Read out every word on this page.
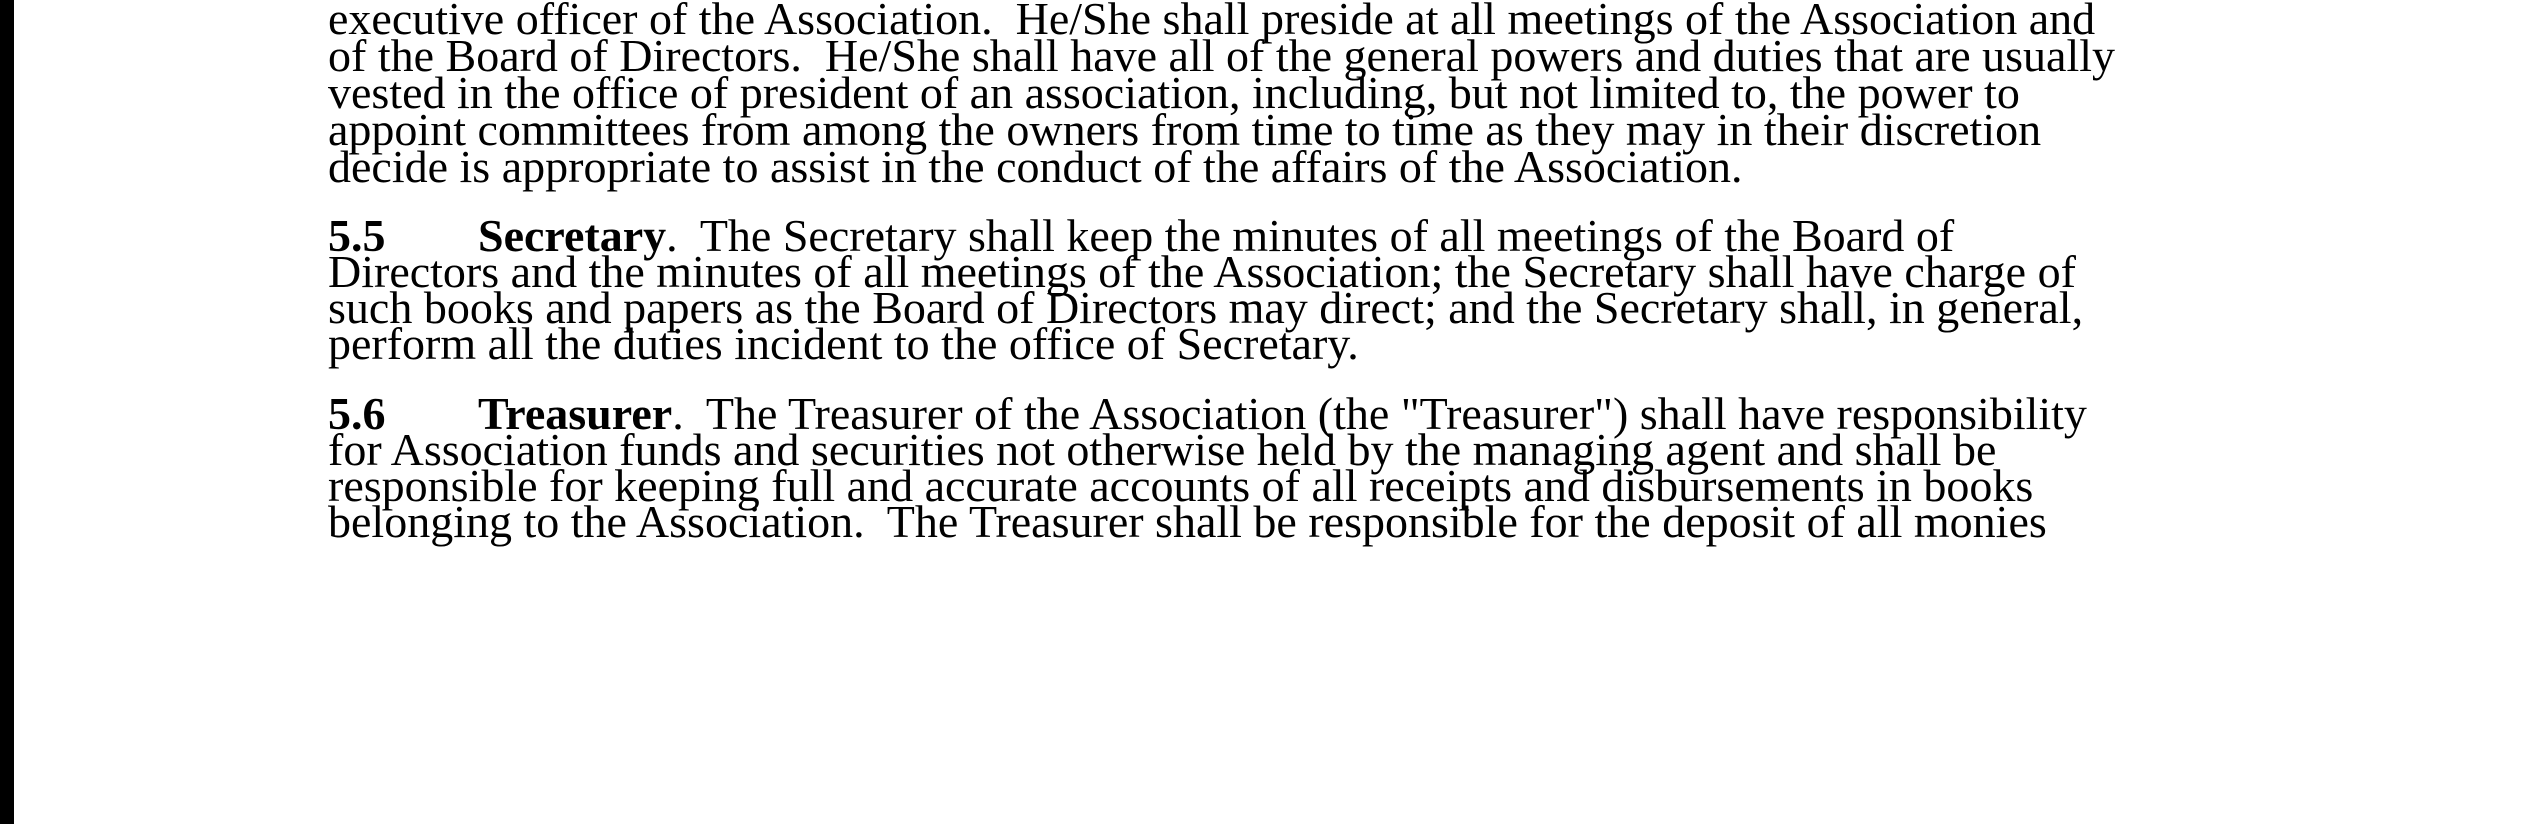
executive officer of the Association.  He/She shall preside at all meetings of the Association and
of the Board of Directors.  He/She shall have all of the general powers and duties that are usually
vested in the office of president of an association, including, but not limited to, the power to
appoint committees from among the owners from time to time as they may in their discretion
decide is appropriate to assist in the conduct of the affairs of the Association.
5.5 Secretary.  The Secretary shall keep the minutes of all meetings of the Board of
Directors and the minutes of all meetings of the Association; the Secretary shall have charge of
such books and papers as the Board of Directors may direct; and the Secretary shall, in general,
perform all the duties incident to the office of Secretary.
5.6 Treasurer.  The Treasurer of the Association (the "Treasurer") shall have responsibility
for Association funds and securities not otherwise held by the managing agent and shall be
responsible for keeping full and accurate accounts of all receipts and disbursements in books
belonging to the Association.  The Treasurer shall be responsible for the deposit of all monies
